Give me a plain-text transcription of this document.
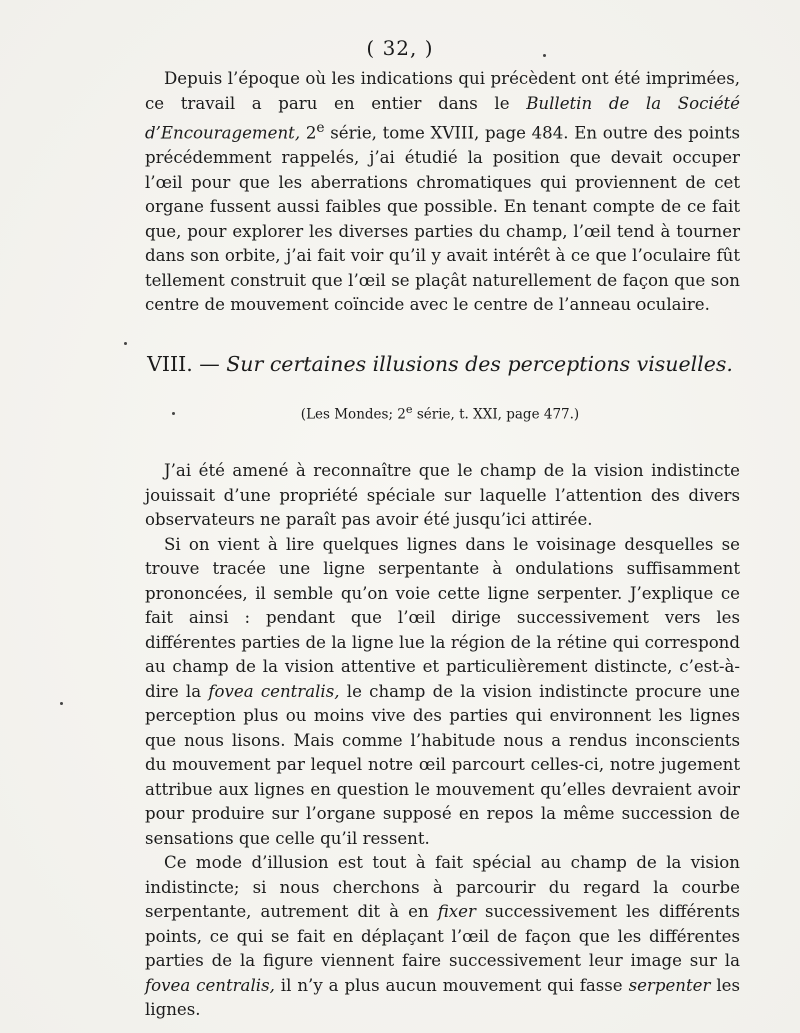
( 32, )

Depuis l’époque où les indications qui précèdent ont été imprimées, ce travail a paru en entier dans le Bulletin de la Société d’Encouragement, 2e série, tome XVIII, page 484. En outre des points précédemment rappelés, j’ai étudié la position que devait occuper l’œil pour que les aberrations chromatiques qui proviennent de cet organe fussent aussi faibles que possible. En tenant compte de ce fait que, pour explorer les diverses parties du champ, l’œil tend à tourner dans son orbite, j’ai fait voir qu’il y avait intérêt à ce que l’oculaire fût tellement construit que l’œil se plaçât naturellement de façon que son centre de mouvement coïncide avec le centre de l’anneau oculaire.

VIII. — Sur certaines illusions des perceptions visuelles.
(Les Mondes; 2e série, t. XXI, page 477.)

J’ai été amené à reconnaître que le champ de la vision indistincte jouissait d’une propriété spéciale sur laquelle l’attention des divers observateurs ne paraît pas avoir été jusqu’ici attirée.

Si on vient à lire quelques lignes dans le voisinage desquelles se trouve tracée une ligne serpentante à ondulations suffisamment prononcées, il semble qu’on voie cette ligne serpenter. J’explique ce fait ainsi : pendant que l’œil dirige successivement vers les différentes parties de la ligne lue la région de la rétine qui correspond au champ de la vision attentive et particulièrement distincte, c’est-à-dire la fovea centralis, le champ de la vision indistincte procure une perception plus ou moins vive des parties qui environnent les lignes que nous lisons. Mais comme l’habitude nous a rendus inconscients du mouvement par lequel notre œil parcourt celles-ci, notre jugement attribue aux lignes en question le mouvement qu’elles devraient avoir pour produire sur l’organe supposé en repos la même succession de sensations que celle qu’il ressent.

Ce mode d’illusion est tout à fait spécial au champ de la vision indistincte; si nous cherchons à parcourir du regard la courbe serpentante, autrement dit à en fixer successivement les différents points, ce qui se fait en déplaçant l’œil de façon que les différentes parties de la figure viennent faire successivement leur image sur la fovea centralis, il n’y a plus aucun mouvement qui fasse serpenter les lignes.
